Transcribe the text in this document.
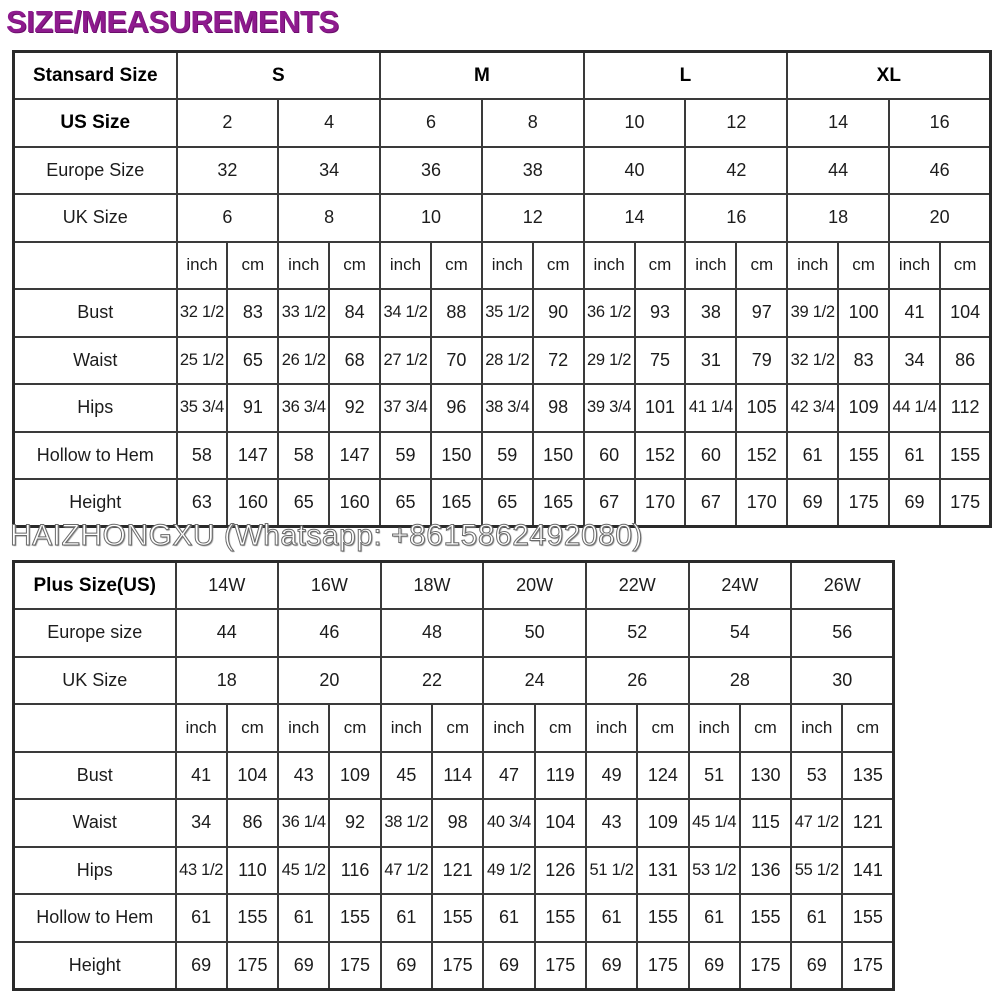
SIZE/MEASUREMENTS
Stansard Size	S				M				L				XL			
US Size	2		4		6		8		10		12		14		16	
Europe Size	32		34		36		38		40		42		44		46	
UK Size	6		8		10		12		14		16		18		20	
	inch	cm	inch	cm	inch	cm	inch	cm	inch	cm	inch	cm	inch	cm	inch	cm
Bust	32 1/2	83	33 1/2	84	34 1/2	88	35 1/2	90	36 1/2	93	38	97	39 1/2	100	41	104
Waist	25 1/2	65	26 1/2	68	27 1/2	70	28 1/2	72	29 1/2	75	31	79	32 1/2	83	34	86
Hips	35 3/4	91	36 3/4	92	37 3/4	96	38 3/4	98	39 3/4	101	41 1/4	105	42 3/4	109	44 1/4	112
Hollow to Hem	58	147	58	147	59	150	59	150	60	152	60	152	61	155	61	155
Height	63	160	65	160	65	165	65	165	67	170	67	170	69	175	69	175
HAIZHONGXU (Whatsapp: +8615862492080)
Plus Size(US)	14W		16W		18W		20W		22W		24W		26W	
Europe size	44		46		48		50		52		54		56	
UK Size	18		20		22		24		26		28		30	
	inch	cm	inch	cm	inch	cm	inch	cm	inch	cm	inch	cm	inch	cm
Bust	41	104	43	109	45	114	47	119	49	124	51	130	53	135
Waist	34	86	36 1/4	92	38 1/2	98	40 3/4	104	43	109	45 1/4	115	47 1/2	121
Hips	43 1/2	110	45 1/2	116	47 1/2	121	49 1/2	126	51 1/2	131	53 1/2	136	55 1/2	141
Hollow to Hem	61	155	61	155	61	155	61	155	61	155	61	155	61	155
Height	69	175	69	175	69	175	69	175	69	175	69	175	69	175
